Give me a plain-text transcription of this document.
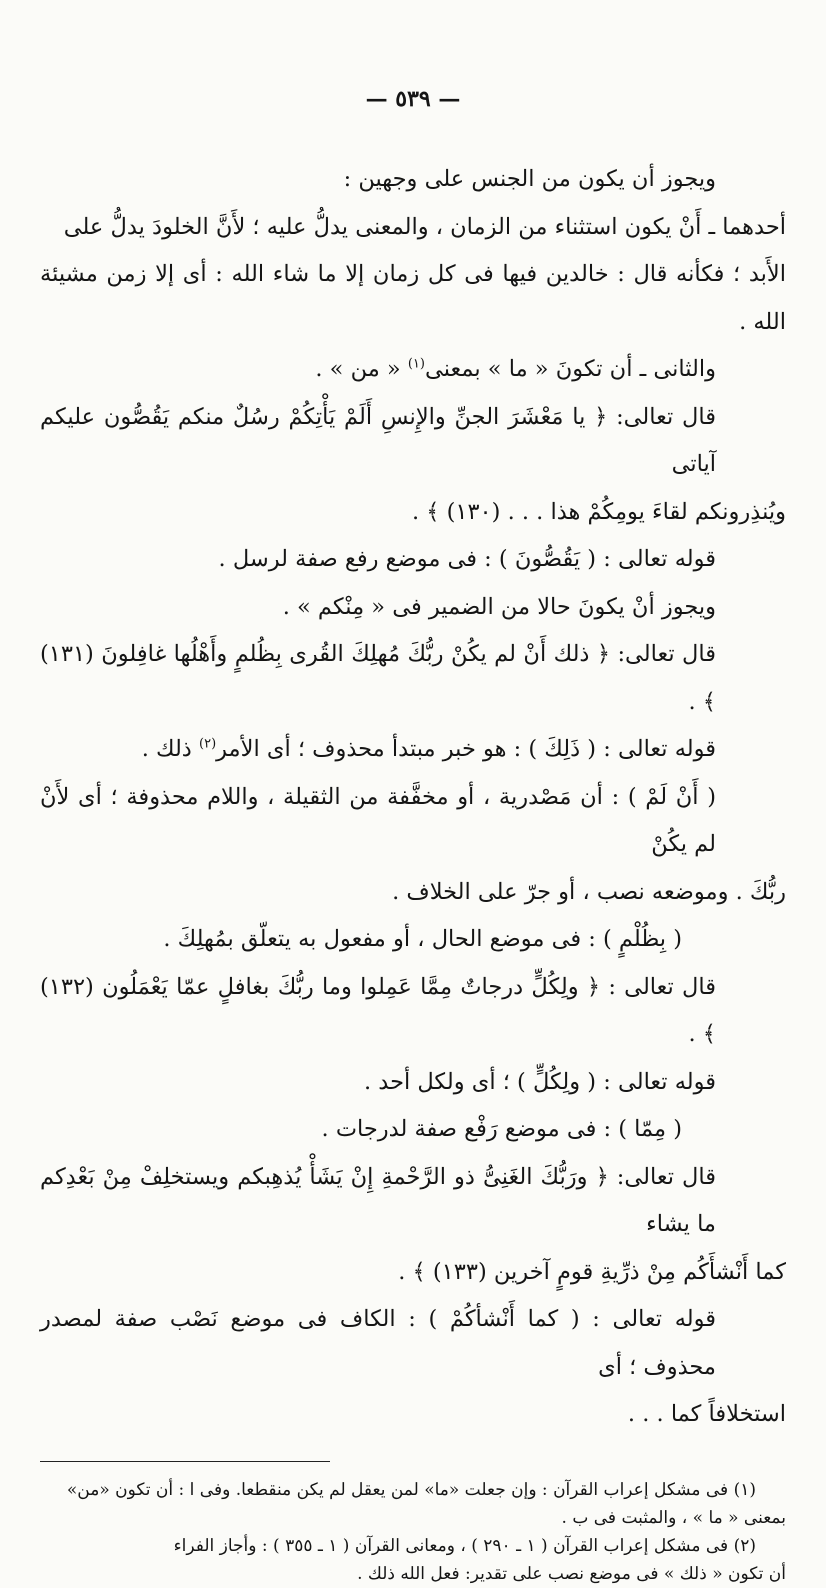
— ٥٣٩ —

ويجوز أن يكون من الجنس على وجهين :

أحدهما ـ أَنْ يكون استثناء من الزمان ، والمعنى يدلُّ عليه ؛ لأَنَّ الخلودَ يدلُّ على

الأَبد ؛ فكأنه قال : خالدين فيها فى كل زمان إلا ما شاء الله : أى إلا زمن مشيئة الله .

والثانى ـ أن تكونَ « ما » بمعنى$^{(١)}$ « من » .

قال تعالى: ﴿ يا مَعْشَرَ الجنِّ والإِنسِ أَلَمْ يَأْتِكُمْ رسُلٌ منكم يَقُصُّون عليكم آياتى

ويُنذِرونكم لقاءَ يومِكُمْ هذا . . . (١٣٠) ﴾ .

قوله تعالى : ( يَقُصُّونَ ) : فى موضع رفع صفة لرسل .

ويجوز أنْ يكونَ حالا من الضمير فى « مِنْكم » .

قال تعالى: ﴿ ذلك أَنْ لم يكُنْ ربُّكَ مُهلِكَ القُرى بِظُلمٍ وأَهْلُها غافِلونَ (١٣١) ﴾ .

قوله تعالى : ( ذَلِكَ ) : هو خبر مبتدأ محذوف ؛ أى الأمر$^{(٢)}$ ذلك .

( أَنْ لَمْ ) : أن مَصْدرية ، أو مخفَّفة من الثقيلة ، واللام محذوفة ؛ أى لأَنْ لم يكُنْ

ربُّكَ . وموضعه نصب ، أو جرّ على الخلاف .

( بِظُلْمٍ ) : فى موضع الحال ، أو مفعول به يتعلّق بمُهلِكَ .

قال تعالى : ﴿ ولِكُلٍّ درجاتٌ مِمَّا عَمِلوا وما ربُّكَ بغافلٍ عمّا يَعْمَلُون (١٣٢) ﴾ .

قوله تعالى : ( ولِكُلٍّ ) ؛ أى ولكل أحد .

( مِمّا ) : فى موضع رَفْع صفة لدرجات .

قال تعالى: ﴿ ورَبُّكَ الغَنِىُّ ذو الرَّحْمةِ إِنْ يَشَأْ يُذهِبكم ويستخلِفْ مِنْ بَعْدِكم ما يشاء

كما أَنْشأَكُم مِنْ ذرِّيةِ قومٍ آخرين (١٣٣) ﴾ .

قوله تعالى : ( كما أَنْشأكُمْ ) : الكاف فى موضع نَصْب صفة لمصدر محذوف ؛ أى

استخلافاً كما . . .

(١) فى مشكل إعراب القرآن : وإن جعلت «ما» لمن يعقل لم يكن منقطعا. وفى ا : أن تكون «من»

بمعنى « ما » ، والمثبت فى ب .

(٢) فى مشكل إعراب القرآن ( ١ ـ ٢٩٠ ) ، ومعانى القرآن ( ١ ـ ٣٥٥ ) : وأجاز الفراء

أن تكون « ذلك » فى موضع نصب على تقدير: فعل الله ذلك .
